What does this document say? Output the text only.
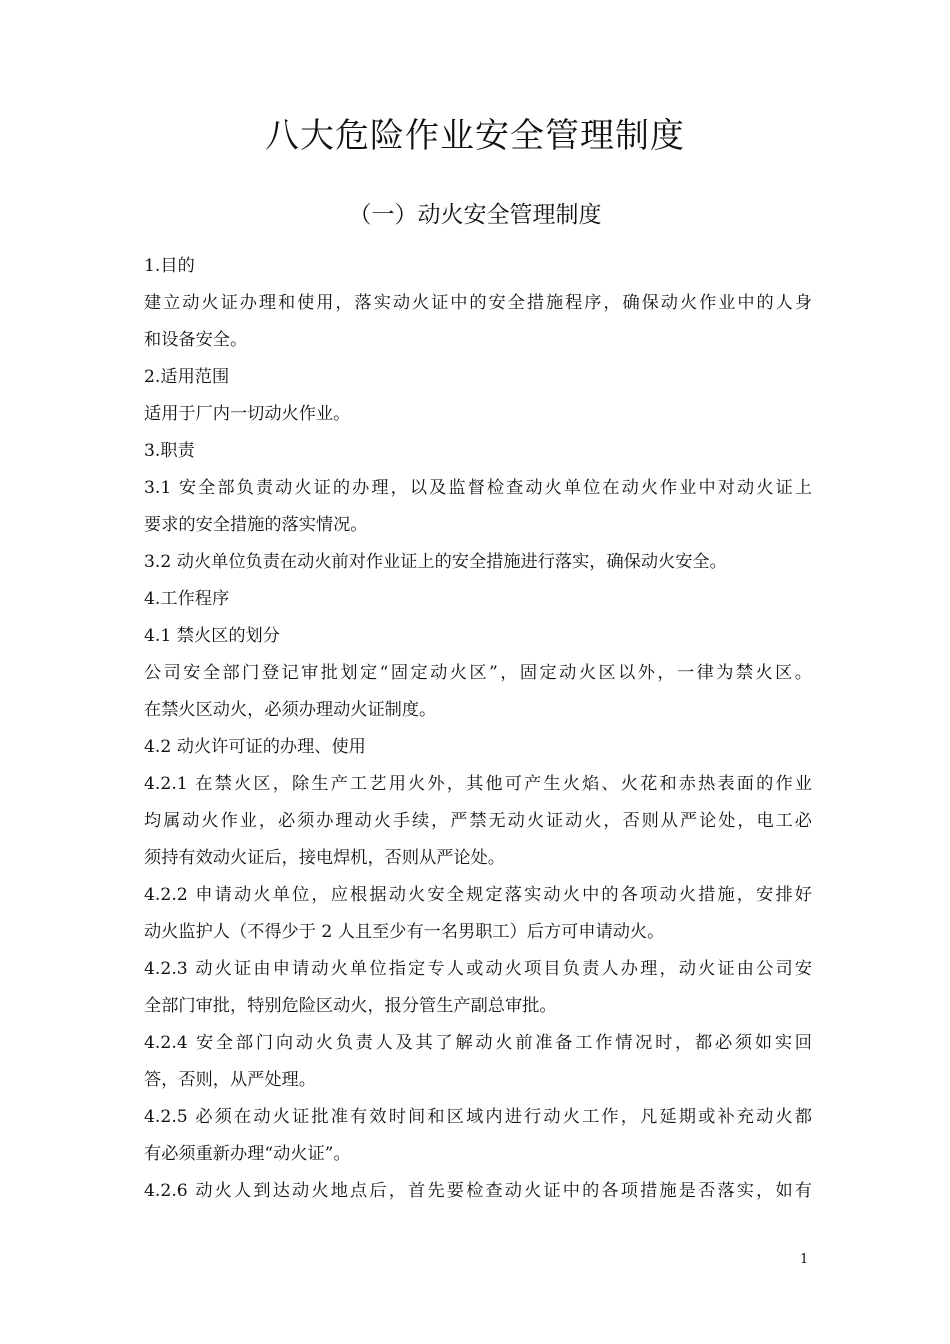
八大危险作业安全管理制度
（一）动火安全管理制度
1.目的
建立动火证办理和使用，落实动火证中的安全措施程序，确保动火作业中的人身
和设备安全。
2.适用范围
适用于厂内一切动火作业。
3.职责
3.1 安全部负责动火证的办理，以及监督检查动火单位在动火作业中对动火证上
要求的安全措施的落实情况。
3.2 动火单位负责在动火前对作业证上的安全措施进行落实，确保动火安全。
4.工作程序
4.1 禁火区的划分
公司安全部门登记审批划定“固定动火区”，固定动火区以外，一律为禁火区。
在禁火区动火，必须办理动火证制度。
4.2 动火许可证的办理、使用
4.2.1 在禁火区，除生产工艺用火外，其他可产生火焰、火花和赤热表面的作业
均属动火作业，必须办理动火手续，严禁无动火证动火，否则从严论处，电工必
须持有效动火证后，接电焊机，否则从严论处。
4.2.2 申请动火单位，应根据动火安全规定落实动火中的各项动火措施，安排好
动火监护人（不得少于 2 人且至少有一名男职工）后方可申请动火。
4.2.3 动火证由申请动火单位指定专人或动火项目负责人办理，动火证由公司安
全部门审批，特别危险区动火，报分管生产副总审批。
4.2.4 安全部门向动火负责人及其了解动火前准备工作情况时，都必须如实回
答，否则，从严处理。
4.2.5 必须在动火证批准有效时间和区域内进行动火工作，凡延期或补充动火都
有必须重新办理“动火证”。
4.2.6 动火人到达动火地点后，首先要检查动火证中的各项措施是否落实，如有
1
